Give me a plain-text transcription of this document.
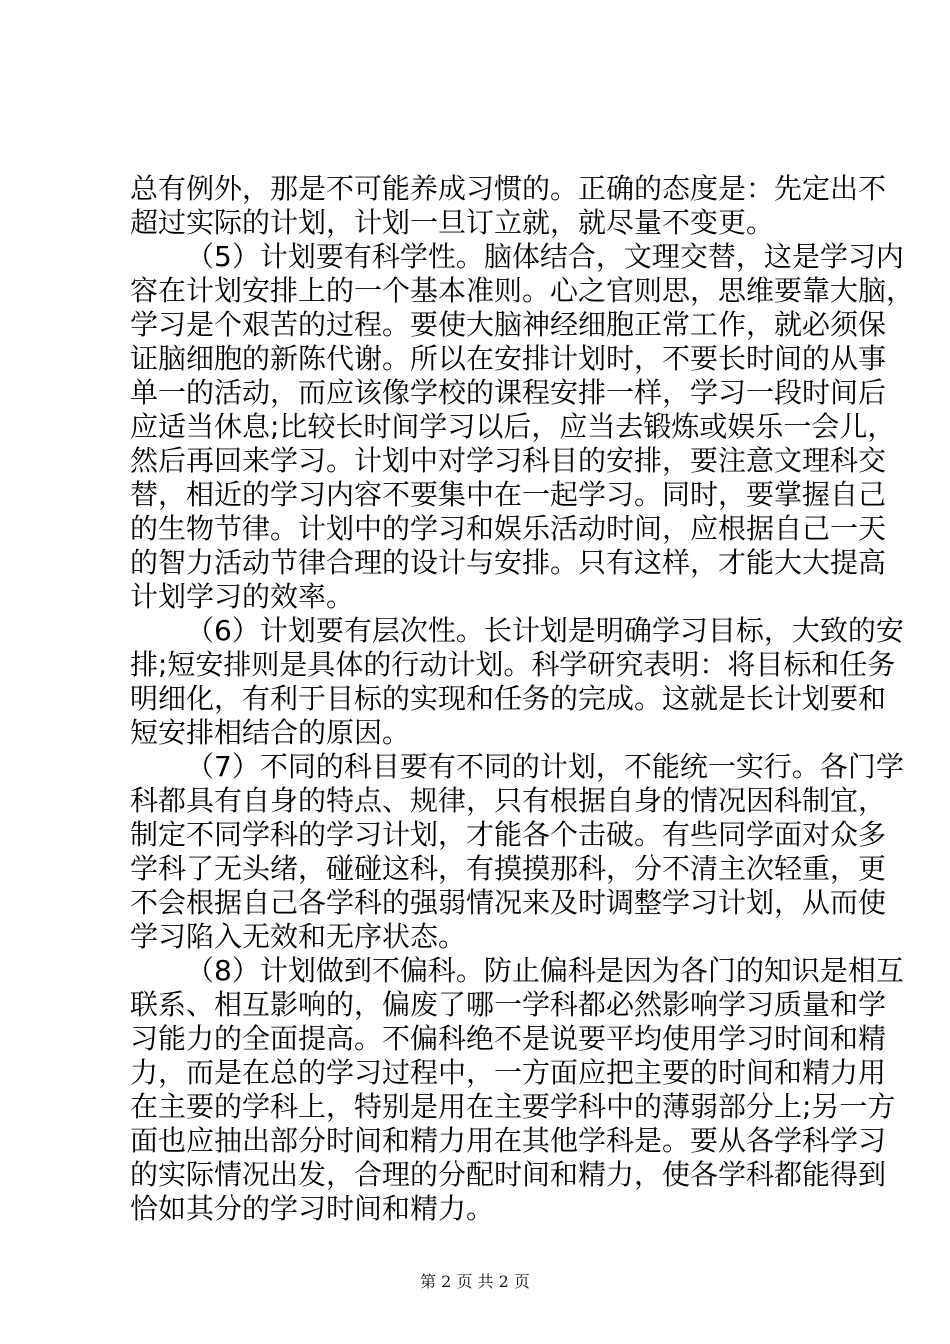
总有例外，那是不可能养成习惯的。正确的态度是：先定出不
超过实际的计划，计划一旦订立就，就尽量不变更。
（5）计划要有科学性。脑体结合，文理交替，这是学习内
容在计划安排上的一个基本准则。心之官则思，思维要靠大脑，
学习是个艰苦的过程。要使大脑神经细胞正常工作，就必须保
证脑细胞的新陈代谢。所以在安排计划时，不要长时间的从事
单一的活动，而应该像学校的课程安排一样，学习一段时间后
应适当休息;比较长时间学习以后，应当去锻炼或娱乐一会儿，
然后再回来学习。计划中对学习科目的安排，要注意文理科交
替，相近的学习内容不要集中在一起学习。同时，要掌握自己
的生物节律。计划中的学习和娱乐活动时间，应根据自己一天
的智力活动节律合理的设计与安排。只有这样，才能大大提高
计划学习的效率。
（6）计划要有层次性。长计划是明确学习目标，大致的安
排;短安排则是具体的行动计划。科学研究表明：将目标和任务
明细化，有利于目标的实现和任务的完成。这就是长计划要和
短安排相结合的原因。
（7）不同的科目要有不同的计划，不能统一实行。各门学
科都具有自身的特点、规律，只有根据自身的情况因科制宜，
制定不同学科的学习计划，才能各个击破。有些同学面对众多
学科了无头绪，碰碰这科，有摸摸那科，分不清主次轻重，更
不会根据自己各学科的强弱情况来及时调整学习计划，从而使
学习陷入无效和无序状态。
（8）计划做到不偏科。防止偏科是因为各门的知识是相互
联系、相互影响的，偏废了哪一学科都必然影响学习质量和学
习能力的全面提高。不偏科绝不是说要平均使用学习时间和精
力，而是在总的学习过程中，一方面应把主要的时间和精力用
在主要的学科上，特别是用在主要学科中的薄弱部分上;另一方
面也应抽出部分时间和精力用在其他学科是。要从各学科学习
的实际情况出发，合理的分配时间和精力，使各学科都能得到
恰如其分的学习时间和精力。
第 2 页 共 2 页
